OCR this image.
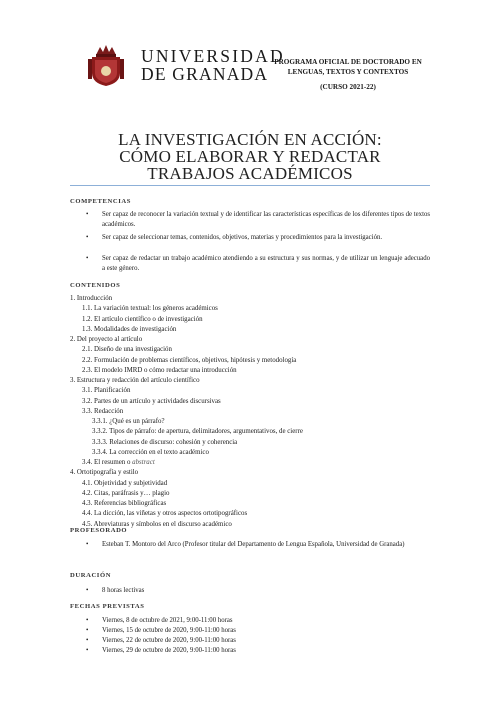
UNIVERSIDAD
DE GRANADA
PROGRAMA OFICIAL DE DOCTORADO EN
LENGUAS, TEXTOS Y CONTEXTOS
(CURSO 2021-22)
LA INVESTIGACIÓN EN ACCIÓN:
CÓMO ELABORAR Y REDACTAR
TRABAJOS ACADÉMICOS
COMPETENCIAS
• Ser capaz de reconocer la variación textual y de identificar las características específicas de los diferentes tipos de textos académicos.
• Ser capaz de seleccionar temas, contenidos, objetivos, materias y procedimientos para la investigación.
• Ser capaz de redactar un trabajo académico atendiendo a su estructura y sus normas, y de utilizar un lenguaje adecuado a este género.
CONTENIDOS
1. Introducción
1.1. La variación textual: los géneros académicos
1.2. El artículo científico o de investigación
1.3. Modalidades de investigación
2. Del proyecto al artículo
2.1. Diseño de una investigación
2.2. Formulación de problemas científicos, objetivos, hipótesis y metodología
2.3. El modelo IMRD o cómo redactar una introducción
3. Estructura y redacción del artículo científico
3.1. Planificación
3.2. Partes de un artículo y actividades discursivas
3.3. Redacción
3.3.1. ¿Qué es un párrafo?
3.3.2. Tipos de párrafo: de apertura, delimitadores, argumentativos, de cierre
3.3.3. Relaciones de discurso: cohesión y coherencia
3.3.4. La corrección en el texto académico
3.4. El resumen o abstract
4. Ortotipografía y estilo
4.1. Objetividad y subjetividad
4.2. Citas, paráfrasis y… plagio
4.3. Referencias bibliográficas
4.4. La dicción, las viñetas y otros aspectos ortotipográficos
4.5. Abreviaturas y símbolos en el discurso académico
PROFESORADO
• Esteban T. Montoro del Arco (Profesor titular del Departamento de Lengua Española, Universidad de Granada)
DURACIÓN
• 8 horas lectivas
FECHAS PREVISTAS
• Viernes, 8 de octubre de 2021, 9:00-11:00 horas
• Viernes, 15 de octubre de 2020, 9:00-11:00 horas
• Viernes, 22 de octubre de 2020, 9:00-11:00 horas
• Viernes, 29 de octubre de 2020, 9:00-11:00 horas
